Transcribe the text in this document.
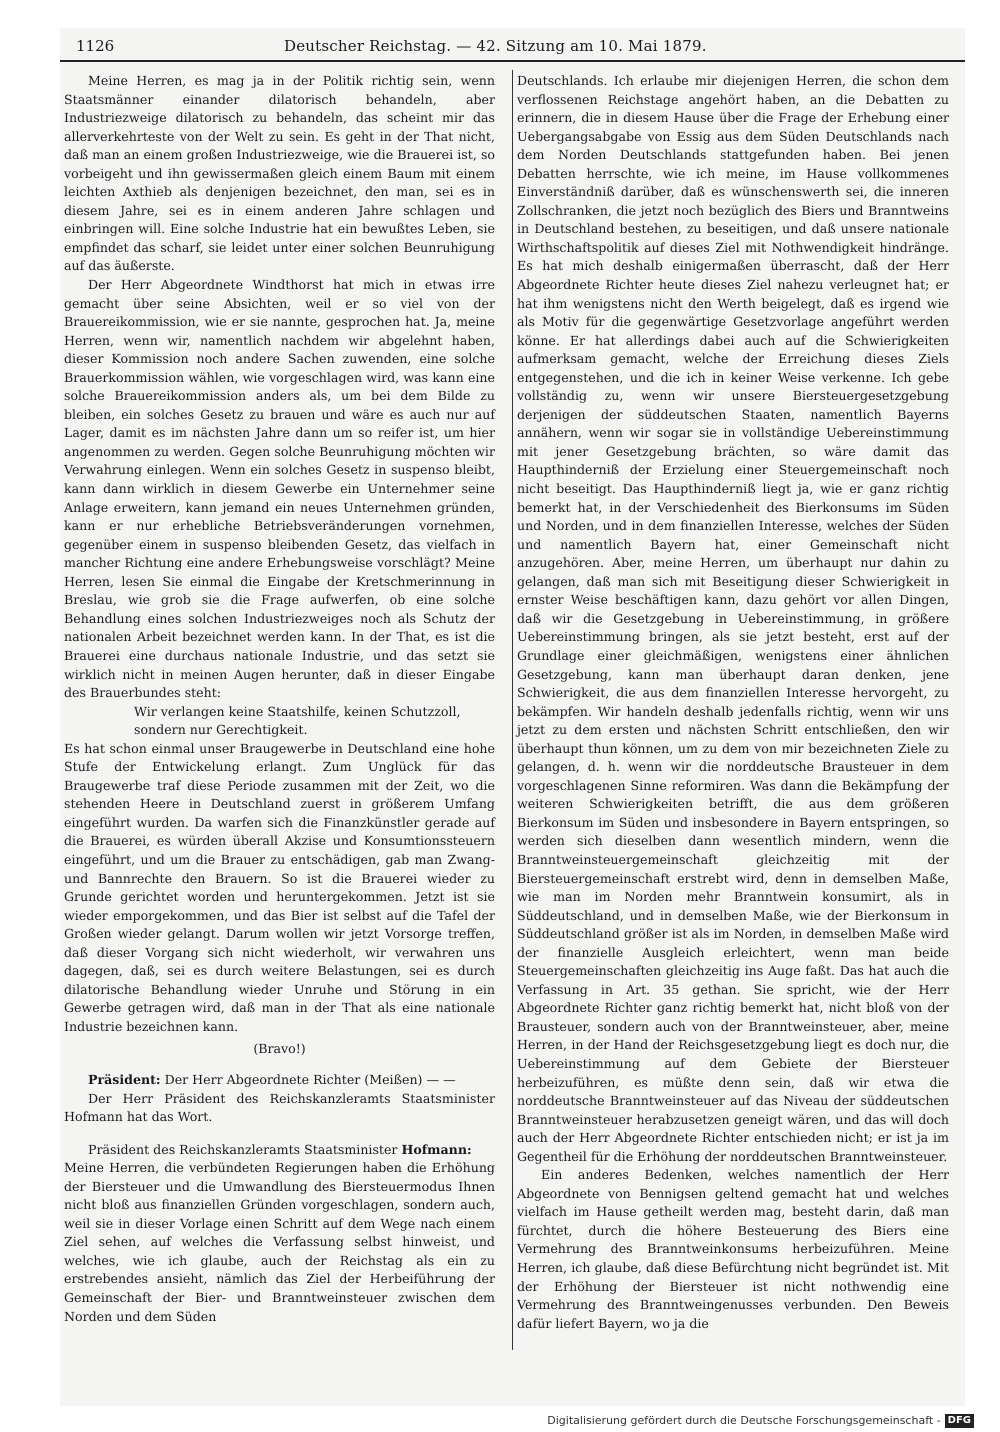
1126	Deutscher Reichstag. — 42. Sitzung am 10. Mai 1879.

Meine Herren, es mag ja in der Politik richtig sein, wenn Staatsmänner einander dilatorisch behandeln, aber Industriezweige dilatorisch zu behandeln, das scheint mir das allerverkehrteste von der Welt zu sein. Es geht in der That nicht, daß man an einem großen Industriezweige, wie die Brauerei ist, so vorbeigeht und ihn gewissermaßen gleich einem Baum mit einem leichten Axthieb als denjenigen bezeichnet, den man, sei es in diesem Jahre, sei es in einem anderen Jahre schlagen und einbringen will. Eine solche Industrie hat ein bewußtes Leben, sie empfindet das scharf, sie leidet unter einer solchen Beunruhigung auf das äußerste.

Der Herr Abgeordnete Windthorst hat mich in etwas irre gemacht über seine Absichten, weil er so viel von der Brauereikommission, wie er sie nannte, gesprochen hat. Ja, meine Herren, wenn wir, namentlich nachdem wir abgelehnt haben, dieser Kommission noch andere Sachen zuwenden, eine solche Brauerkommission wählen, wie vorgeschlagen wird, was kann eine solche Brauereikommission anders als, um bei dem Bilde zu bleiben, ein solches Gesetz zu brauen und wäre es auch nur auf Lager, damit es im nächsten Jahre dann um so reifer ist, um hier angenommen zu werden. Gegen solche Beunruhigung möchten wir Verwahrung einlegen. Wenn ein solches Gesetz in suspenso bleibt, kann dann wirklich in diesem Gewerbe ein Unternehmer seine Anlage erweitern, kann jemand ein neues Unternehmen gründen, kann er nur erhebliche Betriebsveränderungen vornehmen, gegenüber einem in suspenso bleibenden Gesetz, das vielfach in mancher Richtung eine andere Erhebungsweise vorschlägt? Meine Herren, lesen Sie einmal die Eingabe der Kretschmerinnung in Breslau, wie grob sie die Frage aufwerfen, ob eine solche Behandlung eines solchen Industriezweiges noch als Schutz der nationalen Arbeit bezeichnet werden kann. In der That, es ist die Brauerei eine durchaus nationale Industrie, und das setzt sie wirklich nicht in meinen Augen herunter, daß in dieser Eingabe des Brauerbundes steht:

Wir verlangen keine Staatshilfe, keinen Schutzzoll,
sondern nur Gerechtigkeit.

Es hat schon einmal unser Braugewerbe in Deutschland eine hohe Stufe der Entwickelung erlangt. Zum Unglück für das Braugewerbe traf diese Periode zusammen mit der Zeit, wo die stehenden Heere in Deutschland zuerst in größerem Umfang eingeführt wurden. Da warfen sich die Finanzkünstler gerade auf die Brauerei, es würden überall Akzise und Konsumtionssteuern eingeführt, und um die Brauer zu entschädigen, gab man Zwang- und Bannrechte den Brauern. So ist die Brauerei wieder zu Grunde gerichtet worden und heruntergekommen. Jetzt ist sie wieder emporgekommen, und das Bier ist selbst auf die Tafel der Großen wieder gelangt. Darum wollen wir jetzt Vorsorge treffen, daß dieser Vorgang sich nicht wiederholt, wir verwahren uns dagegen, daß, sei es durch weitere Belastungen, sei es durch dilatorische Behandlung wieder Unruhe und Störung in ein Gewerbe getragen wird, daß man in der That als eine nationale Industrie bezeichnen kann.

(Bravo!)

Präsident: Der Herr Abgeordnete Richter (Meißen) — —

Der Herr Präsident des Reichskanzleramts Staatsminister Hofmann hat das Wort.

Präsident des Reichskanzleramts Staatsminister Hofmann:

Meine Herren, die verbündeten Regierungen haben die Erhöhung der Biersteuer und die Umwandlung des Biersteuermodus Ihnen nicht bloß aus finanziellen Gründen vorgeschlagen, sondern auch, weil sie in dieser Vorlage einen Schritt auf dem Wege nach einem Ziel sehen, auf welches die Verfassung selbst hinweist, und welches, wie ich glaube, auch der Reichstag als ein zu erstrebendes ansieht, nämlich das Ziel der Herbeiführung der Gemeinschaft der Bier- und Branntweinsteuer zwischen dem Norden und dem Süden

Deutschlands. Ich erlaube mir diejenigen Herren, die schon dem verflossenen Reichstage angehört haben, an die Debatten zu erinnern, die in diesem Hause über die Frage der Erhebung einer Uebergangsabgabe von Essig aus dem Süden Deutschlands nach dem Norden Deutschlands stattgefunden haben. Bei jenen Debatten herrschte, wie ich meine, im Hause vollkommenes Einverständniß darüber, daß es wünschenswerth sei, die inneren Zollschranken, die jetzt noch bezüglich des Biers und Branntweins in Deutschland bestehen, zu beseitigen, und daß unsere nationale Wirthschaftspolitik auf dieses Ziel mit Nothwendigkeit hindränge. Es hat mich deshalb einigermaßen überrascht, daß der Herr Abgeordnete Richter heute dieses Ziel nahezu verleugnet hat; er hat ihm wenigstens nicht den Werth beigelegt, daß es irgend wie als Motiv für die gegenwärtige Gesetzvorlage angeführt werden könne. Er hat allerdings dabei auch auf die Schwierigkeiten aufmerksam gemacht, welche der Erreichung dieses Ziels entgegenstehen, und die ich in keiner Weise verkenne. Ich gebe vollständig zu, wenn wir unsere Biersteuergesetzgebung derjenigen der süddeutschen Staaten, namentlich Bayerns annähern, wenn wir sogar sie in vollständige Uebereinstimmung mit jener Gesetzgebung brächten, so wäre damit das Haupthinderniß der Erzielung einer Steuergemeinschaft noch nicht beseitigt. Das Haupthinderniß liegt ja, wie er ganz richtig bemerkt hat, in der Verschiedenheit des Bierkonsums im Süden und Norden, und in dem finanziellen Interesse, welches der Süden und namentlich Bayern hat, einer Gemeinschaft nicht anzugehören. Aber, meine Herren, um überhaupt nur dahin zu gelangen, daß man sich mit Beseitigung dieser Schwierigkeit in ernster Weise beschäftigen kann, dazu gehört vor allen Dingen, daß wir die Gesetzgebung in Uebereinstimmung, in größere Uebereinstimmung bringen, als sie jetzt besteht, erst auf der Grundlage einer gleichmäßigen, wenigstens einer ähnlichen Gesetzgebung, kann man überhaupt daran denken, jene Schwierigkeit, die aus dem finanziellen Interesse hervorgeht, zu bekämpfen. Wir handeln deshalb jedenfalls richtig, wenn wir uns jetzt zu dem ersten und nächsten Schritt entschließen, den wir überhaupt thun können, um zu dem von mir bezeichneten Ziele zu gelangen, d. h. wenn wir die norddeutsche Brausteuer in dem vorgeschlagenen Sinne reformiren. Was dann die Bekämpfung der weiteren Schwierigkeiten betrifft, die aus dem größeren Bierkonsum im Süden und insbesondere in Bayern entspringen, so werden sich dieselben dann wesentlich mindern, wenn die Branntweinsteuergemeinschaft gleichzeitig mit der Biersteuergemeinschaft erstrebt wird, denn in demselben Maße, wie man im Norden mehr Branntwein konsumirt, als in Süddeutschland, und in demselben Maße, wie der Bierkonsum in Süddeutschland größer ist als im Norden, in demselben Maße wird der finanzielle Ausgleich erleichtert, wenn man beide Steuergemeinschaften gleichzeitig ins Auge faßt. Das hat auch die Verfassung in Art. 35 gethan. Sie spricht, wie der Herr Abgeordnete Richter ganz richtig bemerkt hat, nicht bloß von der Brausteuer, sondern auch von der Branntweinsteuer, aber, meine Herren, in der Hand der Reichsgesetzgebung liegt es doch nur, die Uebereinstimmung auf dem Gebiete der Biersteuer herbeizuführen, es müßte denn sein, daß wir etwa die norddeutsche Branntweinsteuer auf das Niveau der süddeutschen Branntweinsteuer herabzusetzen geneigt wären, und das will doch auch der Herr Abgeordnete Richter entschieden nicht; er ist ja im Gegentheil für die Erhöhung der norddeutschen Branntweinsteuer.

Ein anderes Bedenken, welches namentlich der Herr Abgeordnete von Bennigsen geltend gemacht hat und welches vielfach im Hause getheilt werden mag, besteht darin, daß man fürchtet, durch die höhere Besteuerung des Biers eine Vermehrung des Branntweinkonsums herbeizuführen. Meine Herren, ich glaube, daß diese Befürchtung nicht begründet ist. Mit der Erhöhung der Biersteuer ist nicht nothwendig eine Vermehrung des Branntweingenusses verbunden. Den Beweis dafür liefert Bayern, wo ja die

Digitalisierung gefördert durch die Deutsche Forschungsgemeinschaft - DFG
